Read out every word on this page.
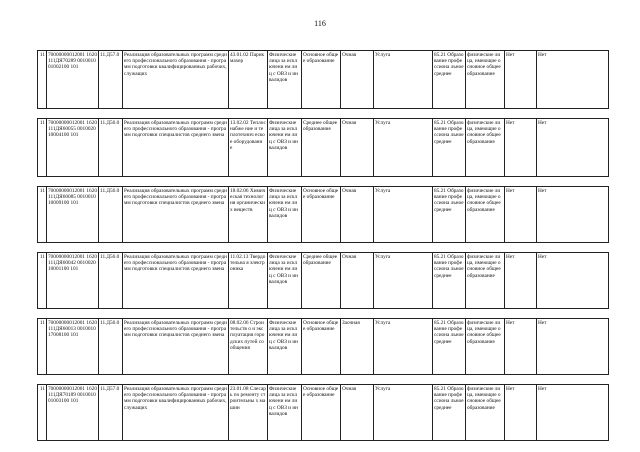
116
11	70000000012001 1620111ДЯ70289 001001001002100 101	11.Д57.0	Реализация образовательных программ среднего профессионального образования - программ подготовки квалифицированных рабочих, служащих	43.01.02 Парикмахер	Физические лица за исключени ем лиц с ОВЗ и инвалидов	Основное общее образование	Очная	Услуга	85.21 Образование профессиона льное среднее	физические лица, имеющие основное общее образование	Нет	Нет

11	70000000012001 1620111ДЯ60055 001002010004100 101	11.Д56.0	Реализация образовательных программ среднего профессионального образования - программ подготовки специалистов среднего звена	13.02.02 Теплоснабже ние и теплотехнич еское оборудовани е	Физические лица за исключени ем лиц с ОВЗ и инвалидов	Среднее общее образование	Очная	Услуга	85.21 Образование профессиона льное среднее	физические лица, имеющие основное общее образование	Нет	Нет

11	70000000012001 1620111ДЯ60085 001001010009100 101	11.Д56.0	Реализация образовательных программ среднего профессионального образования - программ подготовки специалистов среднего звена	18.02.06 Химическая технология органических веществ	Физические лица за исключени ем лиц с ОВЗ и инвалидов	Основное общее образование	Очная	Услуга	85.21 Образование профессиона льное среднее	физические лица, имеющие основное общее образование	Нет	Нет

11	70000000012001 1620111ДЯ60042 001002010001100 101	11.Д56.0	Реализация образовательных программ среднего профессионального образования - программ подготовки специалистов среднего звена	11.02.13 Твердотельна я электроника	Физические лица за исключени ем лиц с ОВЗ и инвалидов	Среднее общее образование	Очная	Услуга	85.21 Образование профессиона льное среднее	физические лица, имеющие основное общее образование	Нет	Нет

11	70000000012001 1620111ДЯ60013 001001017008100 101	11.Д56.0	Реализация образовательных программ среднего профессионального образования - программ подготовки специалистов среднего звена	08.02.06 Строительств о и эксплуатация городских путей сообщения	Физические лица за исключени ем лиц с ОВЗ и инвалидов	Основное общее образование	Заочная	Услуга	85.21 Образование профессиона льное среднее	физические лица, имеющие основное общее образование	Нет	Нет

11	70000000012001 1620111ДЯ70189 001001001003100 101	11.Д57.0	Реализация образовательных программ среднего профессионального образования - программ подготовки квалифицированных рабочих, служащих	23.01.08 Слесарь по ремонту строительны х машин	Физические лица за исключени ем лиц с ОВЗ и инвалидов	Основное общее образование	Очная	Услуга	85.21 Образование профессиона льное среднее	физические лица, имеющие основное общее образование	Нет	Нет
